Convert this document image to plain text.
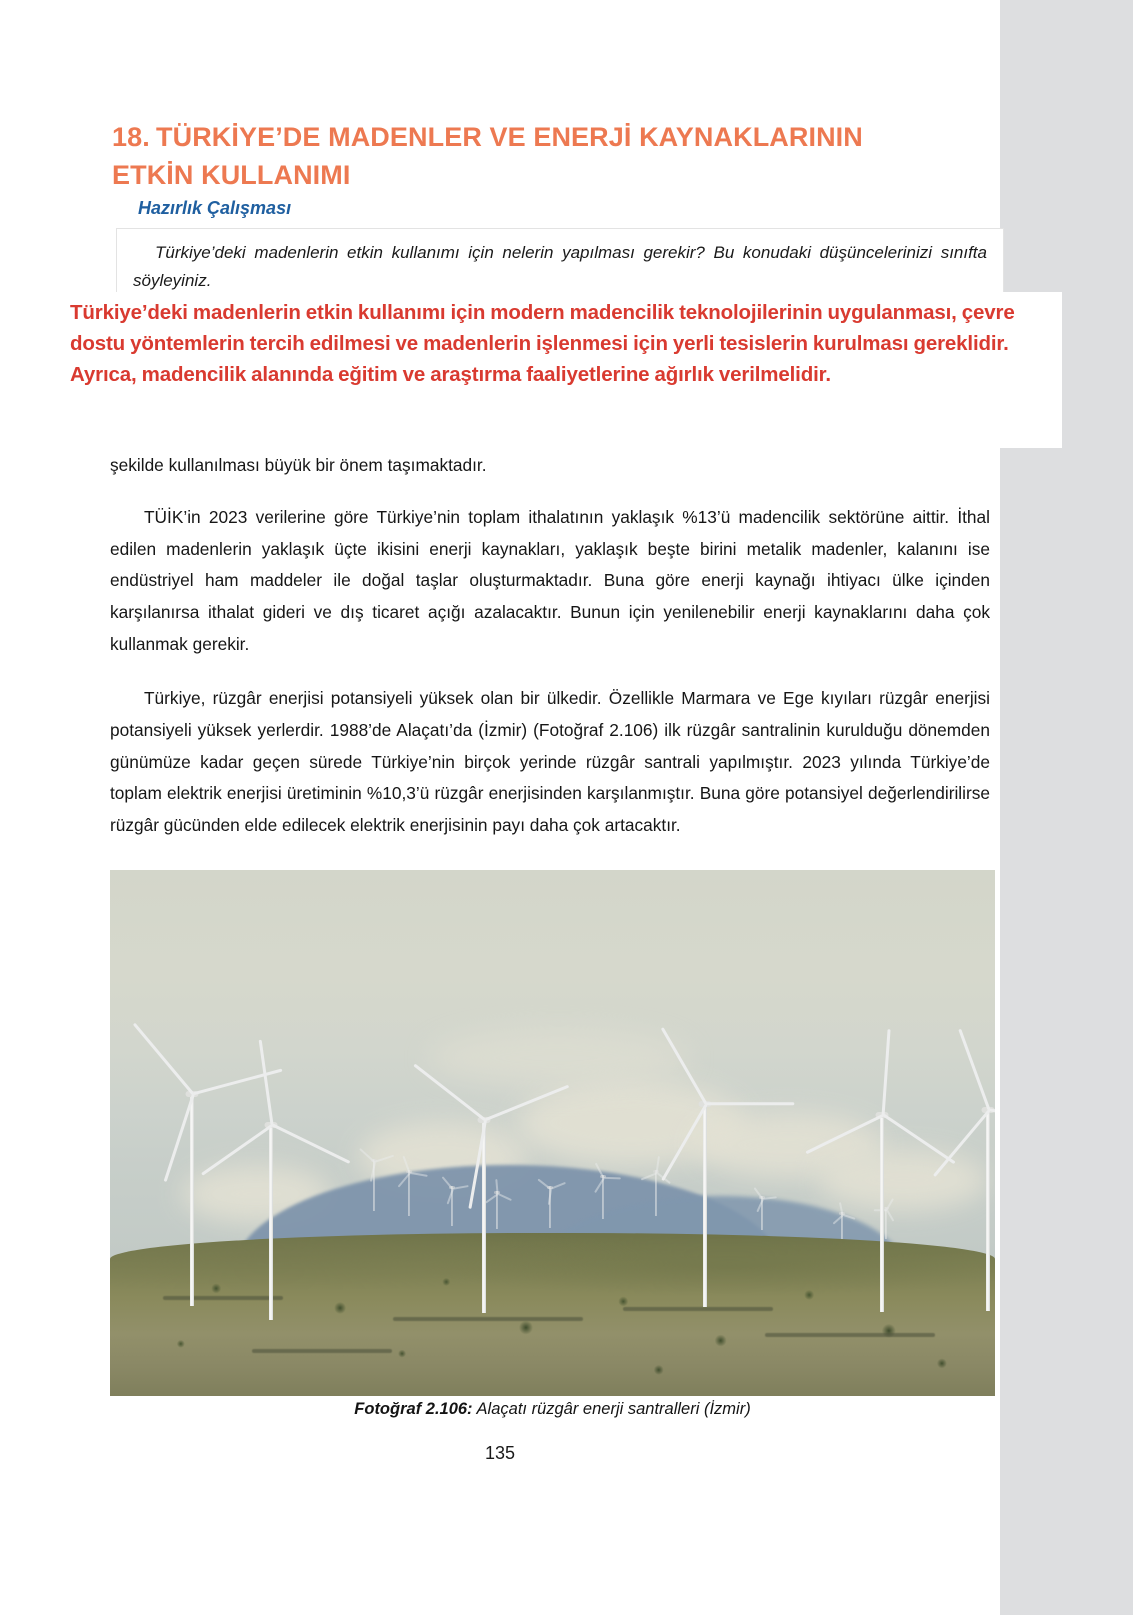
18. TÜRKİYE’DE MADENLER VE ENERJİ KAYNAKLARININ ETKİN KULLANIMI
Hazırlık Çalışması
Türkiye’deki madenlerin etkin kullanımı için nelerin yapılması gerekir? Bu konudaki düşüncelerinizi sınıfta söyleyiniz.
Türkiye’deki madenlerin etkin kullanımı için modern madencilik teknolojilerinin uygulanması, çevre dostu yöntemlerin tercih edilmesi ve madenlerin işlenmesi için yerli tesislerin kurulması gereklidir. Ayrıca, madencilik alanında eğitim ve araştırma faaliyetlerine ağırlık verilmelidir.

şekilde kullanılması büyük bir önem taşımaktadır.

TÜİK’in 2023 verilerine göre Türkiye’nin toplam ithalatının yaklaşık %13’ü madencilik sektörüne aittir. İthal edilen madenlerin yaklaşık üçte ikisini enerji kaynakları, yaklaşık beşte birini metalik madenler, kalanını ise endüstriyel ham maddeler ile doğal taşlar oluşturmaktadır. Buna göre enerji kaynağı ihtiyacı ülke içinden karşılanırsa ithalat gideri ve dış ticaret açığı azalacaktır. Bunun için yenilenebilir enerji kaynaklarını daha çok kullanmak gerekir.

Türkiye, rüzgâr enerjisi potansiyeli yüksek olan bir ülkedir. Özellikle Marmara ve Ege kıyıları rüzgâr enerjisi potansiyeli yüksek yerlerdir. 1988’de Alaçatı’da (İzmir) (Fotoğraf 2.106) ilk rüzgâr santralinin kurulduğu dönemden günümüze kadar geçen sürede Türkiye’nin birçok yerinde rüzgâr santrali yapılmıştır. 2023 yılında Türkiye’de toplam elektrik enerjisi üretiminin %10,3’ü rüzgâr enerjisinden karşılanmıştır. Buna göre potansiyel değerlendirilirse rüzgâr gücünden elde edilecek elektrik enerjisinin payı daha çok artacaktır.

Fotoğraf 2.106: Alaçatı rüzgâr enerji santralleri (İzmir)
135
